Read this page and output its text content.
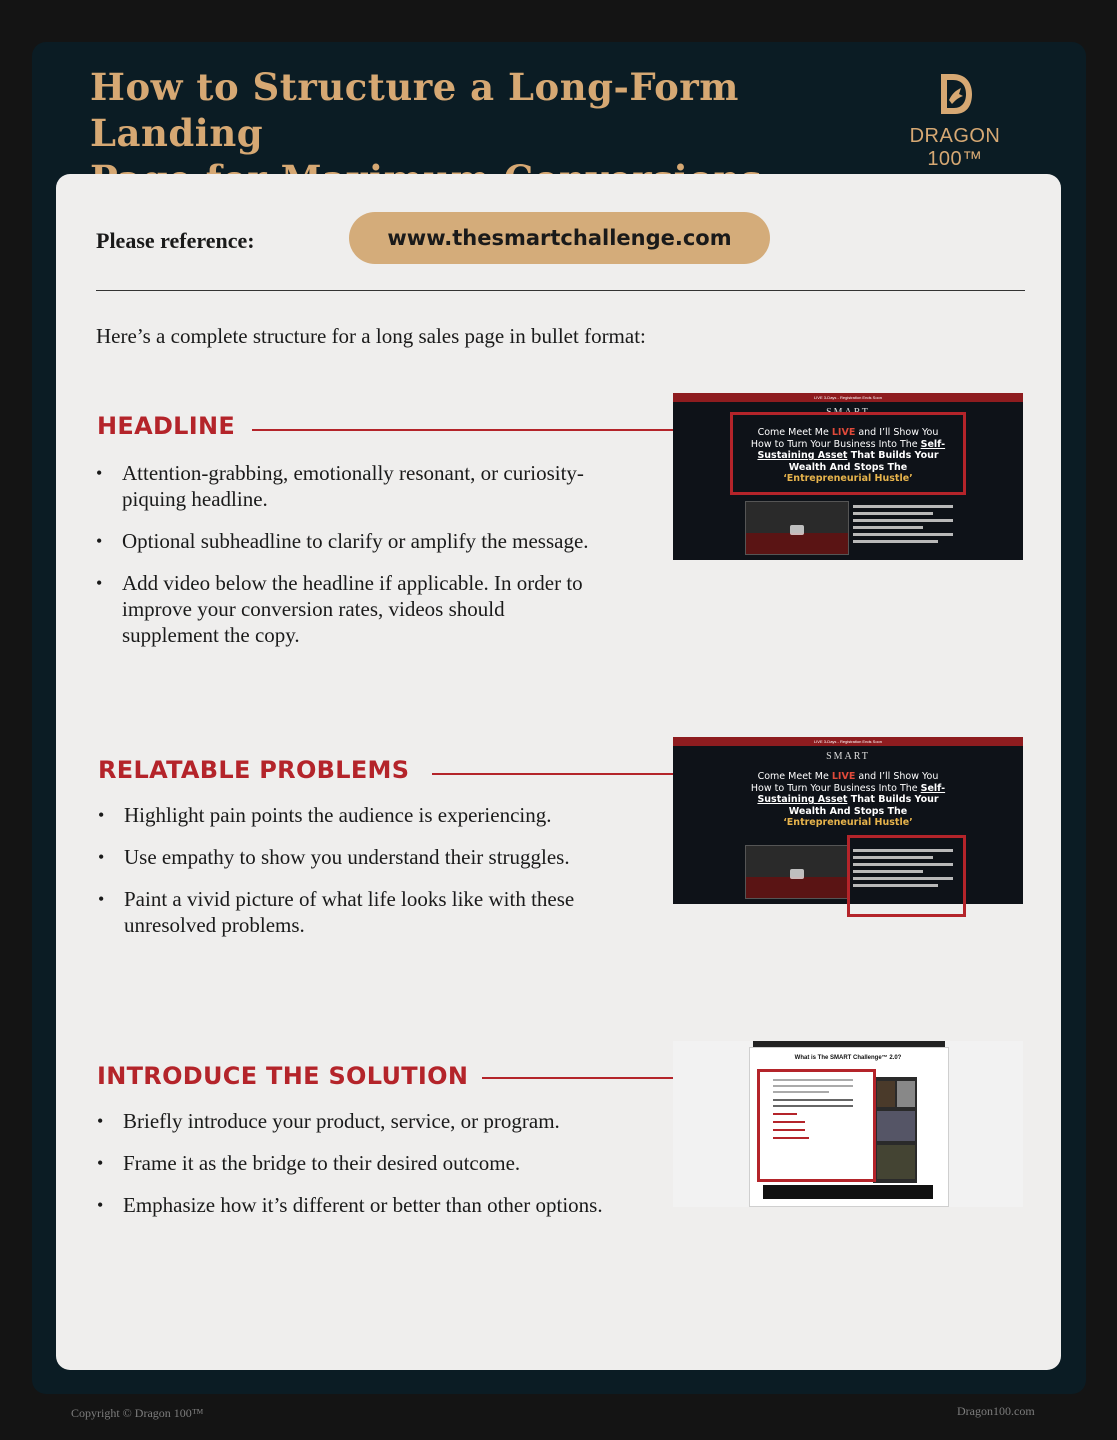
How to Structure a Long-Form Landing	DRAGON 100™
Please reference:	www.thesmartchallenge.com
Here’s a complete structure for a long sales page in bullet format:
HEADLINE
• Attention-grabbing, emotionally resonant, or curiosity-piquing headline.
• Optional subheadline to clarify or amplify the message.
• Add video below the headline if applicable. In order to improve your conversion rates, videos should supplement the copy.
LIVE 3-Days - Registration Ends Soon
SMART
Come Meet Me LIVE and I’ll Show You
How to Turn Your Business Into The Self-
Sustaining Asset That Builds Your
Wealth And Stops The
‘Entrepreneurial Hustle’
RELATABLE PROBLEMS
• Highlight pain points the audience is experiencing.
• Use empathy to show you understand their struggles.
• Paint a vivid picture of what life looks like with these unresolved problems.
LIVE 3-Days - Registration Ends Soon
SMART
Come Meet Me LIVE and I’ll Show You
How to Turn Your Business Into The Self-
Sustaining Asset That Builds Your
Wealth And Stops The
‘Entrepreneurial Hustle’
INTRODUCE THE SOLUTION
• Briefly introduce your product, service, or program.
• Frame it as the bridge to their desired outcome.
• Emphasize how it’s different or better than other options.
What is The SMART Challenge™ 2.0?
Copyright © Dragon 100™	Dragon100.com
